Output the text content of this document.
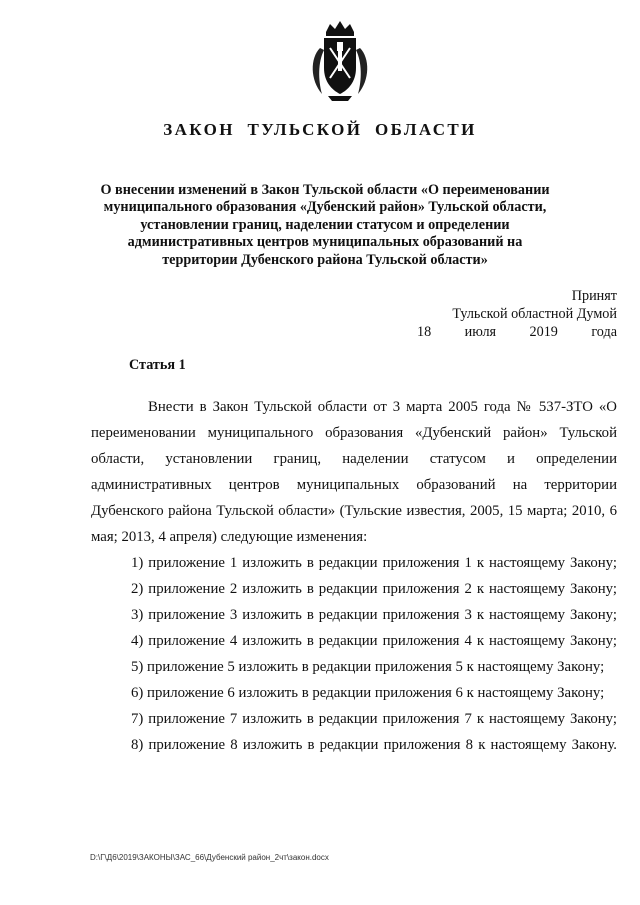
ЗАКОН ТУЛЬСКОЙ ОБЛАСТИ

О внесении изменений в Закон Тульской области «О переименовании муниципального образования «Дубенский район» Тульской области, установлении границ, наделении статусом и определении административных центров муниципальных образований на территории Дубенского района Тульской области»

Принят
Тульской областной Думой
18 июля 2019 года

Статья 1

Внести в Закон Тульской области от 3 марта 2005 года № 537-ЗТО «О переименовании муниципального образования «Дубенский район» Тульской области, установлении границ, наделении статусом и определении административных центров муниципальных образований на территории Дубенского района Тульской области» (Тульские известия, 2005, 15 марта; 2010, 6 мая; 2013, 4 апреля) следующие изменения:

1) приложение 1 изложить в редакции приложения 1 к настоящему Закону;

2) приложение 2 изложить в редакции приложения 2 к настоящему Закону;

3) приложение 3 изложить в редакции приложения 3 к настоящему Закону;

4) приложение 4 изложить в редакции приложения 4 к настоящему Закону;

5) приложение 5 изложить в редакции приложения 5 к настоящему Закону;

6) приложение 6 изложить в редакции приложения 6 к настоящему Закону;

7) приложение 7 изложить в редакции приложения 7 к настоящему Закону;

8) приложение 8 изложить в редакции приложения 8 к настоящему Закону.

D:\Г\Д6\2019\ЗАКОНЫ\ЗАС_66\Дубенский район_2чт\закон.docx
